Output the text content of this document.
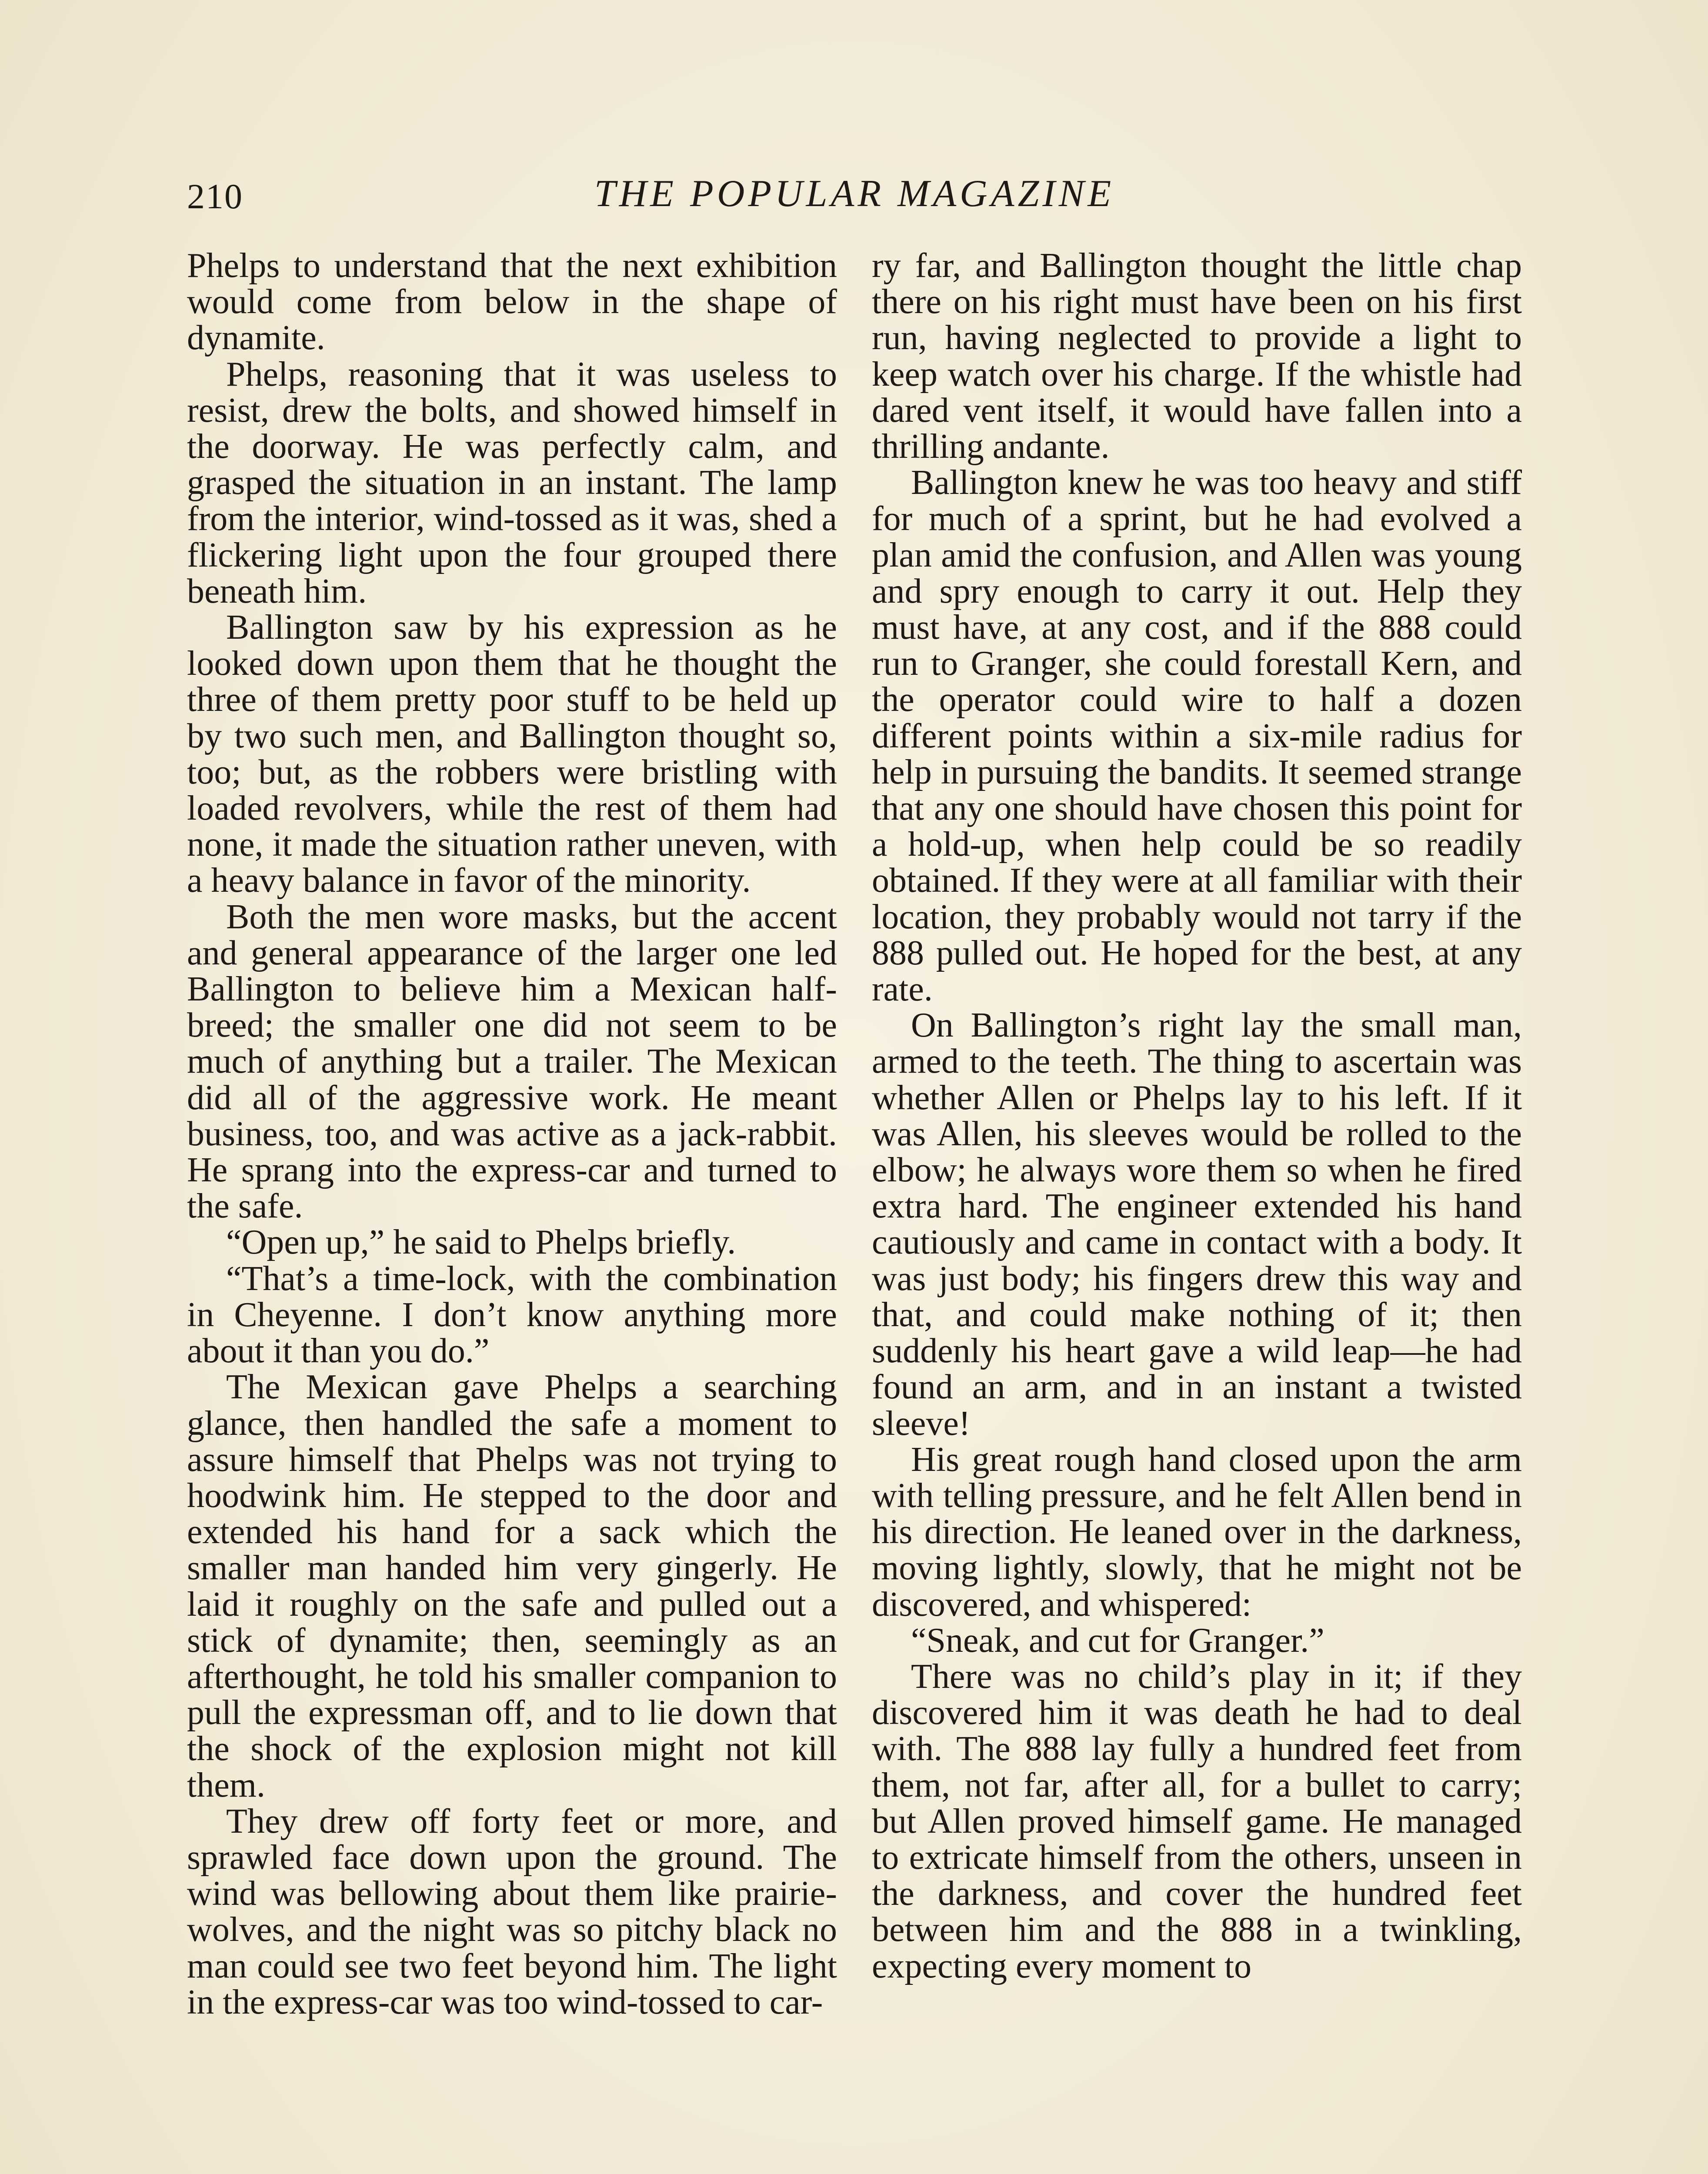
210	THE POPULAR MAGAZINE

Phelps to understand that the next exhibition would come from below in the shape of dynamite.

Phelps, reasoning that it was useless to resist, drew the bolts, and showed himself in the doorway. He was perfectly calm, and grasped the situation in an instant. The lamp from the interior, wind-tossed as it was, shed a flickering light upon the four grouped there beneath him.

Ballington saw by his expression as he looked down upon them that he thought the three of them pretty poor stuff to be held up by two such men, and Ballington thought so, too; but, as the robbers were bristling with loaded revolvers, while the rest of them had none, it made the situation rather uneven, with a heavy balance in favor of the minority.

Both the men wore masks, but the accent and general appearance of the larger one led Ballington to believe him a Mexican half-breed; the smaller one did not seem to be much of anything but a trailer. The Mexican did all of the aggressive work. He meant business, too, and was active as a jack-rabbit. He sprang into the express-car and turned to the safe.

“Open up,” he said to Phelps briefly.

“That’s a time-lock, with the combination in Cheyenne. I don’t know anything more about it than you do.”

The Mexican gave Phelps a searching glance, then handled the safe a moment to assure himself that Phelps was not trying to hoodwink him. He stepped to the door and extended his hand for a sack which the smaller man handed him very gingerly. He laid it roughly on the safe and pulled out a stick of dynamite; then, seemingly as an afterthought, he told his smaller companion to pull the expressman off, and to lie down that the shock of the explosion might not kill them.

They drew off forty feet or more, and sprawled face down upon the ground. The wind was bellowing about them like prairie-wolves, and the night was so pitchy black no man could see two feet beyond him. The light in the express-car was too wind-tossed to car-

ry far, and Ballington thought the little chap there on his right must have been on his first run, having neglected to provide a light to keep watch over his charge. If the whistle had dared vent itself, it would have fallen into a thrilling andante.

Ballington knew he was too heavy and stiff for much of a sprint, but he had evolved a plan amid the confusion, and Allen was young and spry enough to carry it out. Help they must have, at any cost, and if the 888 could run to Granger, she could forestall Kern, and the operator could wire to half a dozen different points within a six-mile radius for help in pursuing the bandits. It seemed strange that any one should have chosen this point for a hold-up, when help could be so readily obtained. If they were at all familiar with their location, they probably would not tarry if the 888 pulled out. He hoped for the best, at any rate.

On Ballington’s right lay the small man, armed to the teeth. The thing to ascertain was whether Allen or Phelps lay to his left. If it was Allen, his sleeves would be rolled to the elbow; he always wore them so when he fired extra hard. The engineer extended his hand cautiously and came in contact with a body. It was just body; his fingers drew this way and that, and could make nothing of it; then suddenly his heart gave a wild leap—he had found an arm, and in an instant a twisted sleeve!

His great rough hand closed upon the arm with telling pressure, and he felt Allen bend in his direction. He leaned over in the darkness, moving lightly, slowly, that he might not be discovered, and whispered:

“Sneak, and cut for Granger.”

There was no child’s play in it; if they discovered him it was death he had to deal with. The 888 lay fully a hundred feet from them, not far, after all, for a bullet to carry; but Allen proved himself game. He managed to extricate himself from the others, unseen in the darkness, and cover the hundred feet between him and the 888 in a twinkling, expecting every moment to
